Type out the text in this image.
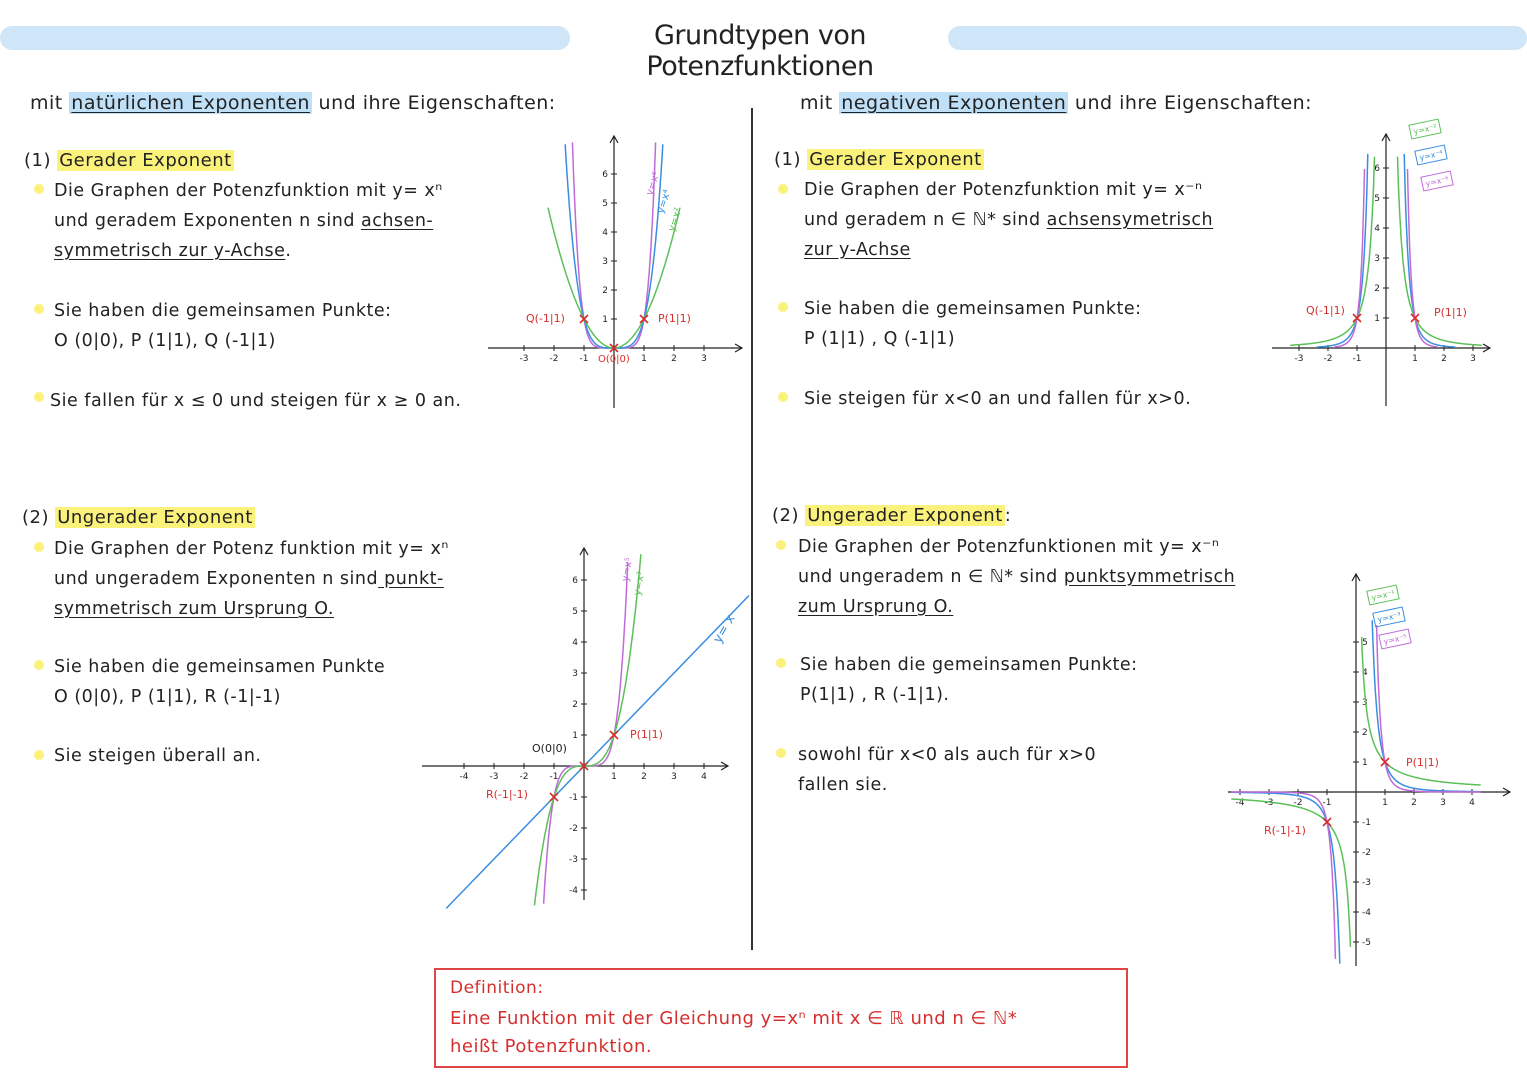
Grundtypen von Potenzfunktionen
mit natürlichen Exponenten und ihre Eigenschaften:
(1) Gerader Exponent
Die Graphen der Potenzfunktion mit y= xⁿ
und geradem Exponenten n sind achsen-
symmetrisch zur y-Achse.
Sie haben die gemeinsamen Punkte:
O (0|0), P (1|1), Q (-1|1)
Sie fallen für x ≤ 0 und steigen für x ≥ 0 an.
(2) Ungerader Exponent
Die Graphen der Potenz funktion mit y= xⁿ
und ungeradem Exponenten n sind punkt-
symmetrisch zum Ursprung O.
Sie haben die gemeinsamen Punkte
O (0|0), P (1|1), R (-1|-1)
Sie steigen überall an.
mit negativen Exponenten und ihre Eigenschaften:
(1) Gerader Exponent
Die Graphen der Potenzfunktion mit y= x⁻ⁿ
und geradem n ∈ ℕ* sind achsensymetrisch
zur y-Achse
Sie haben die gemeinsamen Punkte:
P (1|1) , Q (-1|1)
Sie steigen für x<0 an und fallen für x>0.
(2) Ungerader Exponent :
Die Graphen der Potenzfunktionen mit y= x⁻ⁿ
und ungeradem n ∈ ℕ* sind punktsymmetrisch
zum Ursprung O.
Sie haben die gemeinsamen Punkte:
P(1|1) , R (-1|1).
sowohl für x<0 als auch für x>0
fallen sie.
-3 -2 -1	1	2	3
1
2
3
4
5
6	y=x⁶
y=x⁴
y=x²
P(1|1)
Q(-1|1)
O(0|0)
-4 -3 -2 -1	1	2	3	4
-4
-3
-2
-1
1
2
3
4
5
6	y=x⁵
y=x³
y= x
P(1|1)
R(-1|-1)
O(0|0)
-3 -2 -1	1	2	3
1
2
3
4
5
6
y=x⁻²
y=x⁻⁴
y=x⁻⁶
P(1|1)
Q(-1|1)
-4 -3 -2 -1	1	2	3	4
-5
-4
-3
-2
-1
1
2
3
4
5
y=x⁻¹
y=x⁻³
y=x⁻⁵
P(1|1)
R(-1|-1)
Definition:
Eine Funktion mit der Gleichung y=xⁿ mit x ∈ ℝ und n ∈ ℕ*
heißt Potenzfunktion.
